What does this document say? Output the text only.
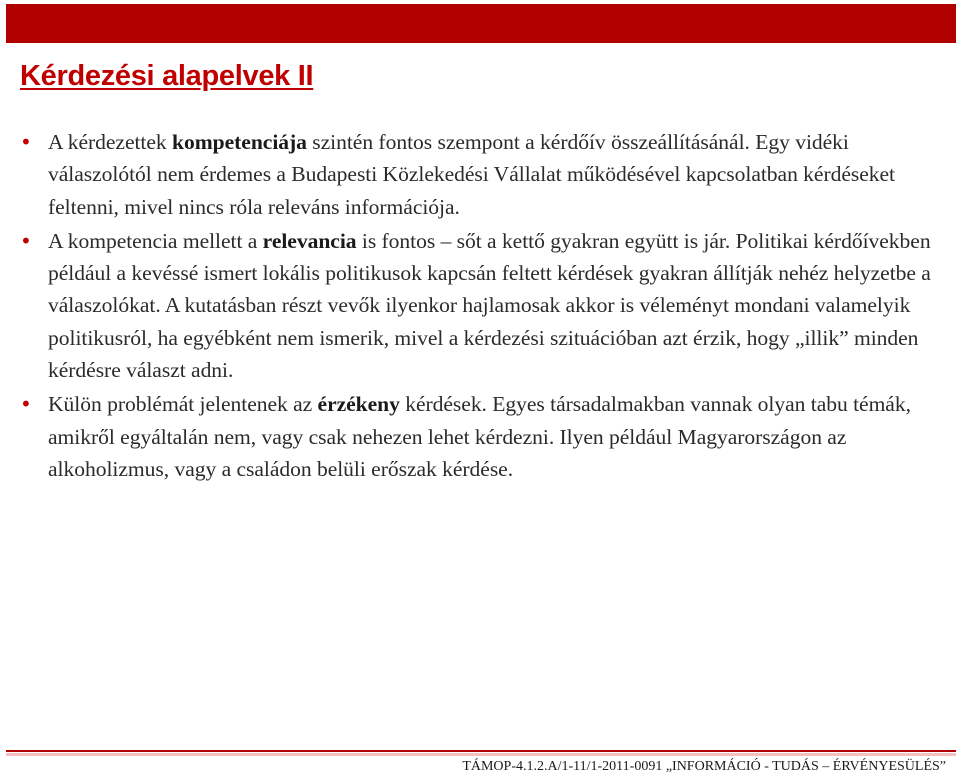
Kérdezési alapelvek II

• A kérdezettek kompetenciája szintén fontos szempont a kérdőív összeállításánál. Egy vidéki válaszolótól nem érdemes a Budapesti Közlekedési Vállalat működésével kapcsolatban kérdéseket feltenni, mivel nincs róla releváns információja.

• A kompetencia mellett a relevancia is fontos – sőt a kettő gyakran együtt is jár. Politikai kérdőívekben például a kevéssé ismert lokális politikusok kapcsán feltett kérdések gyakran állítják nehéz helyzetbe a válaszolókat. A kutatásban részt vevők ilyenkor hajlamosak akkor is véleményt mondani valamelyik politikusról, ha egyébként nem ismerik, mivel a kérdezési szituációban azt érzik, hogy „illik” minden kérdésre választ adni.

• Külön problémát jelentenek az érzékeny kérdések. Egyes társadalmakban vannak olyan tabu témák, amikről egyáltalán nem, vagy csak nehezen lehet kérdezni. Ilyen például Magyarországon az alkoholizmus, vagy a családon belüli erőszak kérdése.

TÁMOP-4.1.2.A/1-11/1-2011-0091 „INFORMÁCIÓ - TUDÁS – ÉRVÉNYESÜLÉS”
